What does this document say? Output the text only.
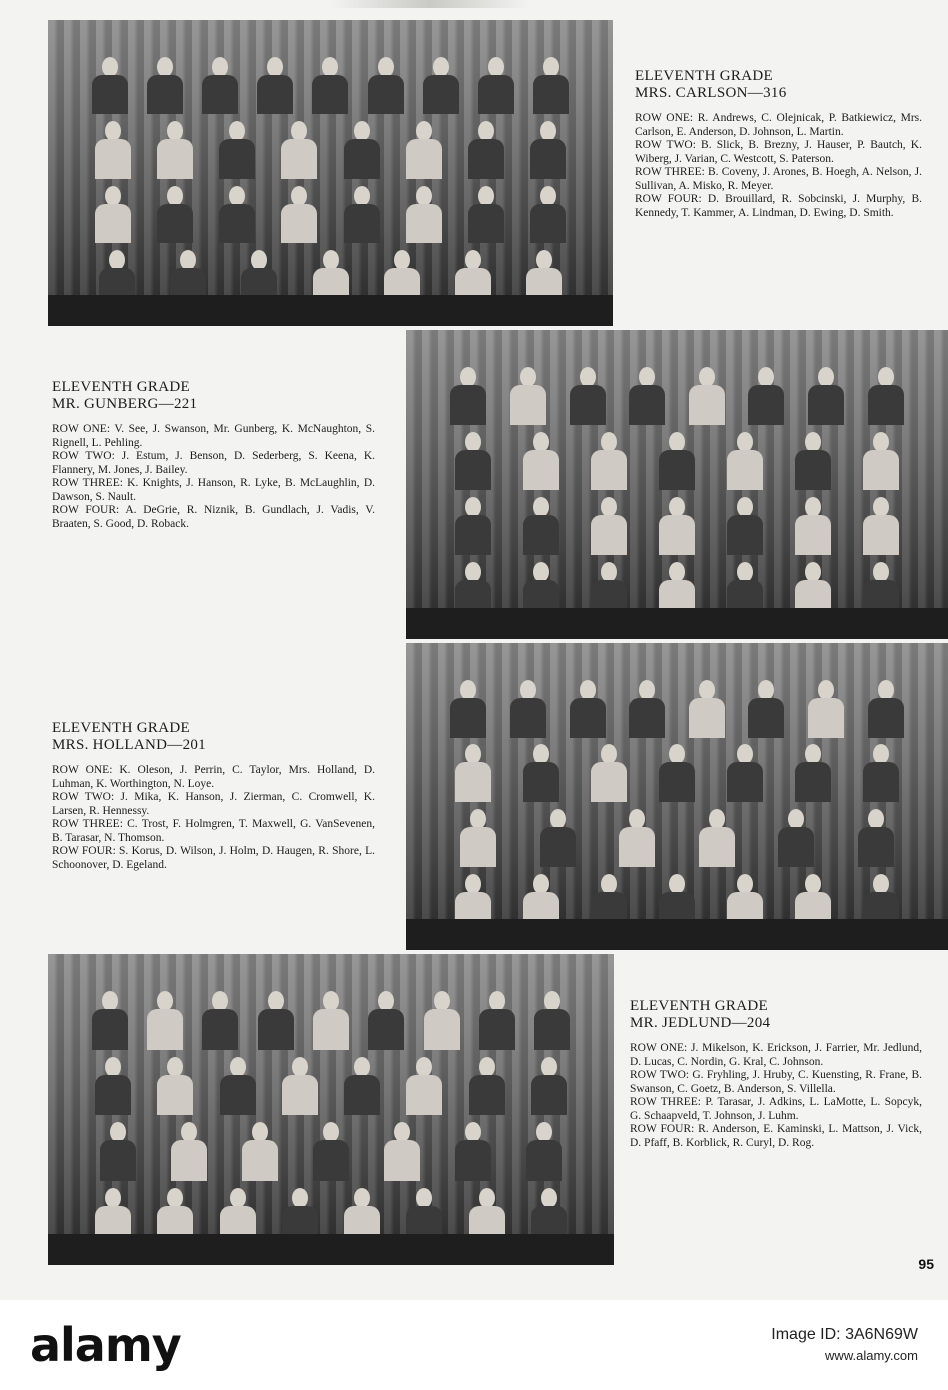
ELEVENTH GRADE
MRS. CARLSON—316

ROW ONE: R. Andrews, C. Olejnicak, P. Batkiewicz, Mrs. Carlson, E. Anderson, D. Johnson, L. Martin.

ROW TWO: B. Slick, B. Brezny, J. Hauser, P. Bautch, K. Wiberg, J. Varian, C. Westcott, S. Paterson.

ROW THREE: B. Coveny, J. Arones, B. Hoegh, A. Nelson, J. Sullivan, A. Misko, R. Meyer.

ROW FOUR: D. Brouillard, R. Sobcinski, J. Murphy, B. Kennedy, T. Kammer, A. Lindman, D. Ewing, D. Smith.

ELEVENTH GRADE
MR. GUNBERG—221

ROW ONE: V. See, J. Swanson, Mr. Gunberg, K. McNaughton, S. Rignell, L. Pehling.

ROW TWO: J. Estum, J. Benson, D. Sederberg, S. Keena, K. Flannery, M. Jones, J. Bailey.

ROW THREE: K. Knights, J. Hanson, R. Lyke, B. McLaughlin, D. Dawson, S. Nault.

ROW FOUR: A. DeGrie, R. Niznik, B. Gundlach, J. Vadis, V. Braaten, S. Good, D. Roback.

ELEVENTH GRADE
MRS. HOLLAND—201

ROW ONE: K. Oleson, J. Perrin, C. Taylor, Mrs. Holland, D. Luhman, K. Worthington, N. Loye.

ROW TWO: J. Mika, K. Hanson, J. Zierman, C. Cromwell, K. Larsen, R. Hennessy.

ROW THREE: C. Trost, F. Holmgren, T. Maxwell, G. VanSevenen, B. Tarasar, N. Thomson.

ROW FOUR: S. Korus, D. Wilson, J. Holm, D. Haugen, R. Shore, L. Schoonover, D. Egeland.

ELEVENTH GRADE
MR. JEDLUND—204

ROW ONE: J. Mikelson, K. Erickson, J. Farrier, Mr. Jedlund, D. Lucas, C. Nordin, G. Kral, C. Johnson.

ROW TWO: G. Fryhling, J. Hruby, C. Kuensting, R. Frane, B. Swanson, C. Goetz, B. Anderson, S. Villella.

ROW THREE: P. Tarasar, J. Adkins, L. LaMotte, L. Sopcyk, G. Schaapveld, T. Johnson, J. Luhm.

ROW FOUR: R. Anderson, E. Kaminski, L. Mattson, J. Vick, D. Pfaff, B. Korblick, R. Curyl, D. Rog.

95
alamy	Image ID: 3A6N69W
www.alamy.com
